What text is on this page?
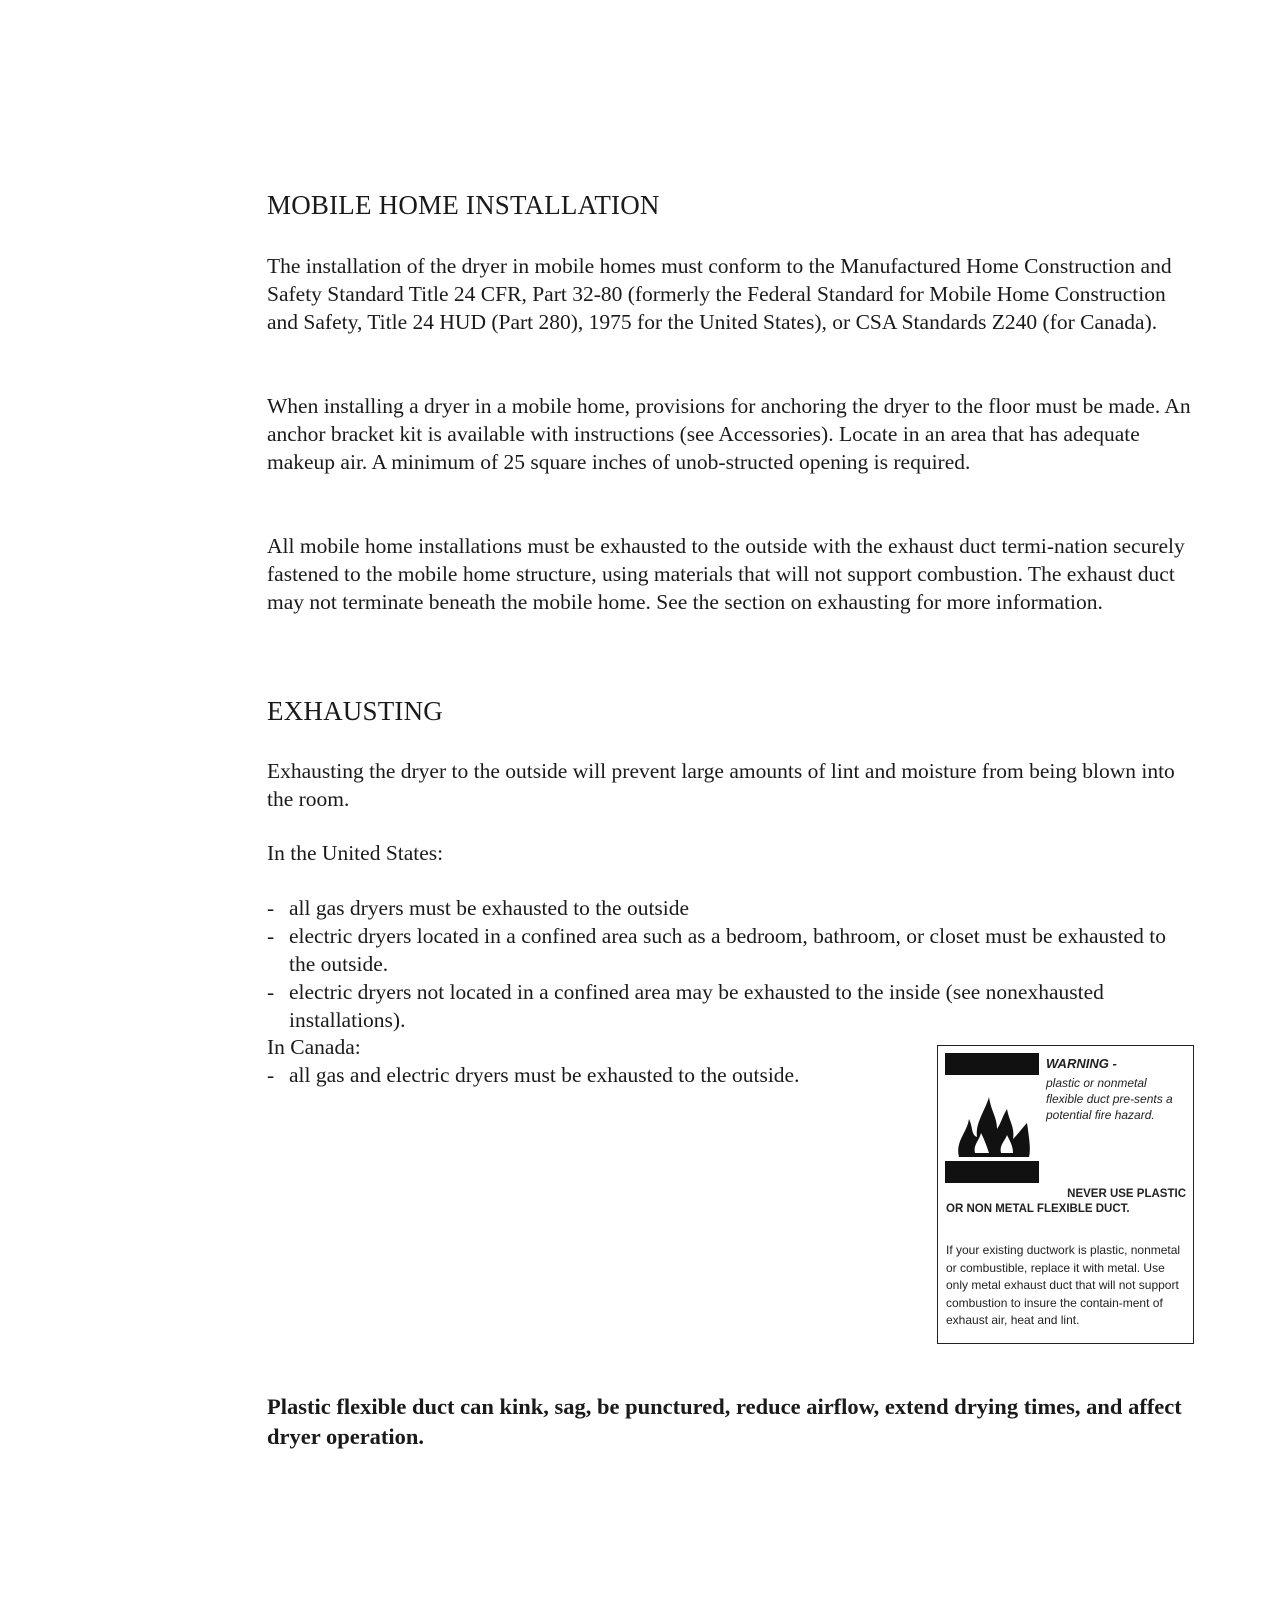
MOBILE HOME INSTALLATION

The installation of the dryer in mobile homes must conform to the Manufactured Home Construction and Safety Standard Title 24 CFR, Part 32-80 (formerly the Federal Standard for Mobile Home Construction and Safety, Title 24 HUD (Part 280), 1975 for the United States), or CSA Standards Z240 (for Canada).

When installing a dryer in a mobile home, provisions for anchoring the dryer to the floor must be made. An anchor bracket kit is available with instructions (see Accessories). Locate in an area that has adequate makeup air. A minimum of 25 square inches of unob-structed opening is required.

All mobile home installations must be exhausted to the outside with the exhaust duct termi-nation securely fastened to the mobile home structure, using materials that will not support combustion. The exhaust duct may not terminate beneath the mobile home. See the section on exhausting for more information.

EXHAUSTING

Exhausting the dryer to the outside will prevent large amounts of lint and moisture from being blown into the room.

In the United States:

- all gas dryers must be exhausted to the outside
- electric dryers located in a confined area such as a bedroom, bathroom, or closet must be exhausted to the outside.
- electric dryers not located in a confined area may be exhausted to the inside (see nonexhausted installations).

In Canada:

- all gas and electric dryers must be exhausted to the outside.	WARNING -

plastic or nonmetal flexible duct pre-sents a potential fire hazard.

NEVER USE PLASTIC

OR NON METAL FLEXIBLE DUCT.

If your existing ductwork is plastic, nonmetal or combustible, replace it with metal. Use only metal exhaust duct that will not support combustion to insure the contain-ment of exhaust air, heat and lint.

Plastic flexible duct can kink, sag, be punctured, reduce airflow, extend drying times, and affect dryer operation.
